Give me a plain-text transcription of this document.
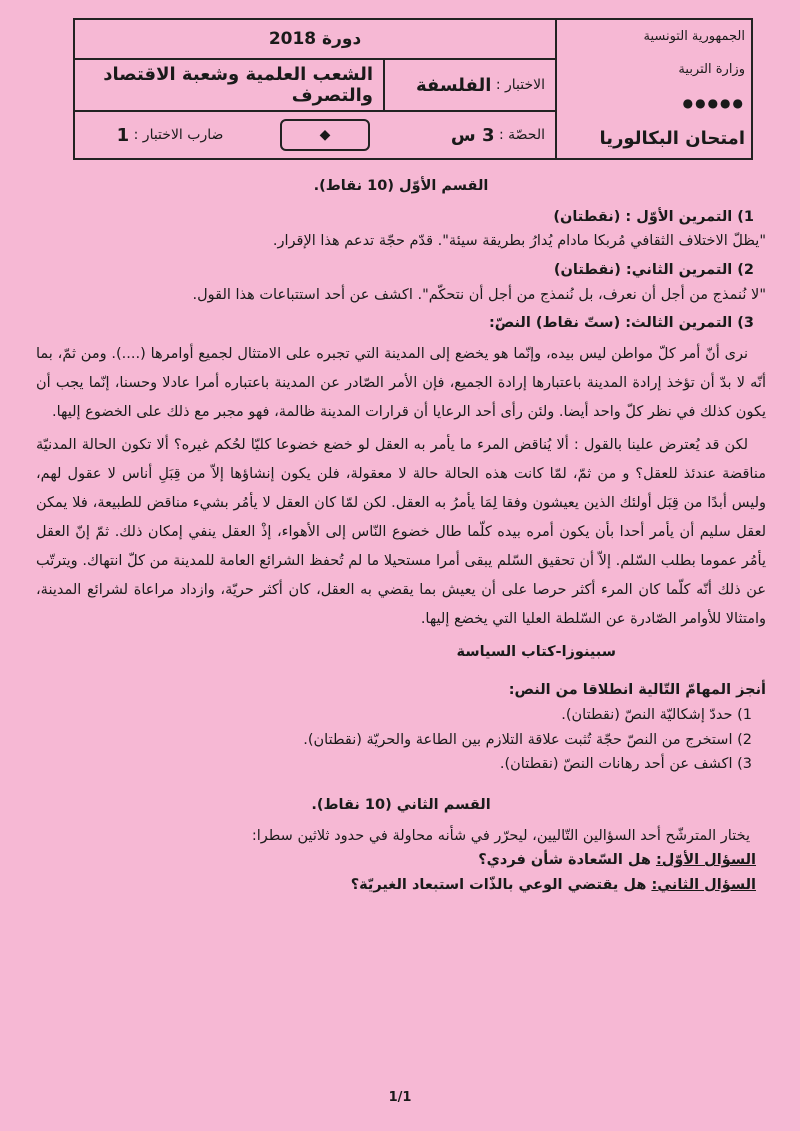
الجمهورية التونسية
وزارة التربية
●●●●●
امتحان البكالوريا
دورة 2018
الاختبار :

الفلسفة
الشعب العلمية وشعبة الاقتصاد والتصرف
الحصّة :

3 س
◆
ضارب الاختبار :

1
القسم الأوّل (10 نقاط).
1) التمرين الأوّل : (نقطتان)
"يظلّ الاختلاف الثقافي مُربكا مادام يُدارُ بطريقة سيئة". قدّم حجّة تدعم هذا الإقرار.
2) التمرين الثاني: (نقطتان)
"لا نُنمذج من أجل أن نعرف، بل نُنمذج من أجل أن نتحكّم". اكشف عن أحد استتباعات هذا القول.
3) التمرين الثالث: (ستّ نقاط) النصّ:
نرى أنّ أمر كلّ مواطن ليس بيده، وإنّما هو يخضع إلى المدينة التي تجبره على الامتثال لجميع أوامرها (....). ومن ثمّ، بما أنّه لا بدّ أن تؤخذ إرادة المدينة باعتبارها إرادة الجميع، فإن الأمر الصّادر عن المدينة باعتباره أمرا عادلا وحسنا، إنّما يجب أن يكون كذلك في نظر كلّ واحد أيضا. ولئن رأى أحد الرعايا أن قرارات المدينة ظالمة، فهو مجبر مع ذلك على الخضوع إليها.
لكن قد يُعترض علينا بالقول : ألا يُناقض المرء ما يأمر به العقل لو خضع خضوعا كليّا لحُكم غيره؟ ألا تكون الحالة المدنيّة مناقضة عندئذ للعقل؟ و من ثمّ، لمّا كانت هذه الحالة حالة لا معقولة، فلن يكون إنشاؤها إلاّ من قِبَلِ أناس لا عقول لهم، وليس أبدًا من قِبَل أولئك الذين يعيشون وفقا لِمَا يأمرُ به العقل. لكن لمّا كان العقل لا يأمُر بشيء مناقض للطبيعة، فلا يمكن لعقل سليم أن يأمر أحدا بأن يكون أمره بيده كلّما طال خضوع النّاس إلى الأهواء، إذْ العقل ينفي إمكان ذلك. ثمّ إنّ العقل يأمُر عموما بطلب السّلم. إلاّ أن تحقيق السّلم يبقى أمرا مستحيلا ما لم تُحفظ الشرائع العامة للمدينة من كلّ انتهاك. ويترتّب عن ذلك أنّه كلّما كان المرء أكثر حرصا على أن يعيش بما يقضي به العقل، كان أكثر حريّة، وازداد مراعاة لشرائع المدينة، وامتثالا للأوامر الصّادرة عن السّلطة العليا التي يخضع إليها.
سبينوزا-كتاب السياسة
أنجز المهامّ التّالية انطلاقا من النص:
1) حددّ إشكاليّة النصّ (نقطتان).
2) استخرج من النصّ حجّة تُثبت علاقة التلازم بين الطاعة والحريّة (نقطتان).
3) اكشف عن أحد رهانات النصّ (نقطتان).
القسم الثاني (10 نقاط).
يختار المترشّح أحد السؤالين التّاليين، ليحرّر في شأنه محاولة في حدود ثلاثين سطرا:
السؤال الأوّل: هل السّعادة شأن فردي؟
السؤال الثاني: هل يقتضي الوعي بالذّات استبعاد الغيريّة؟
1/1
